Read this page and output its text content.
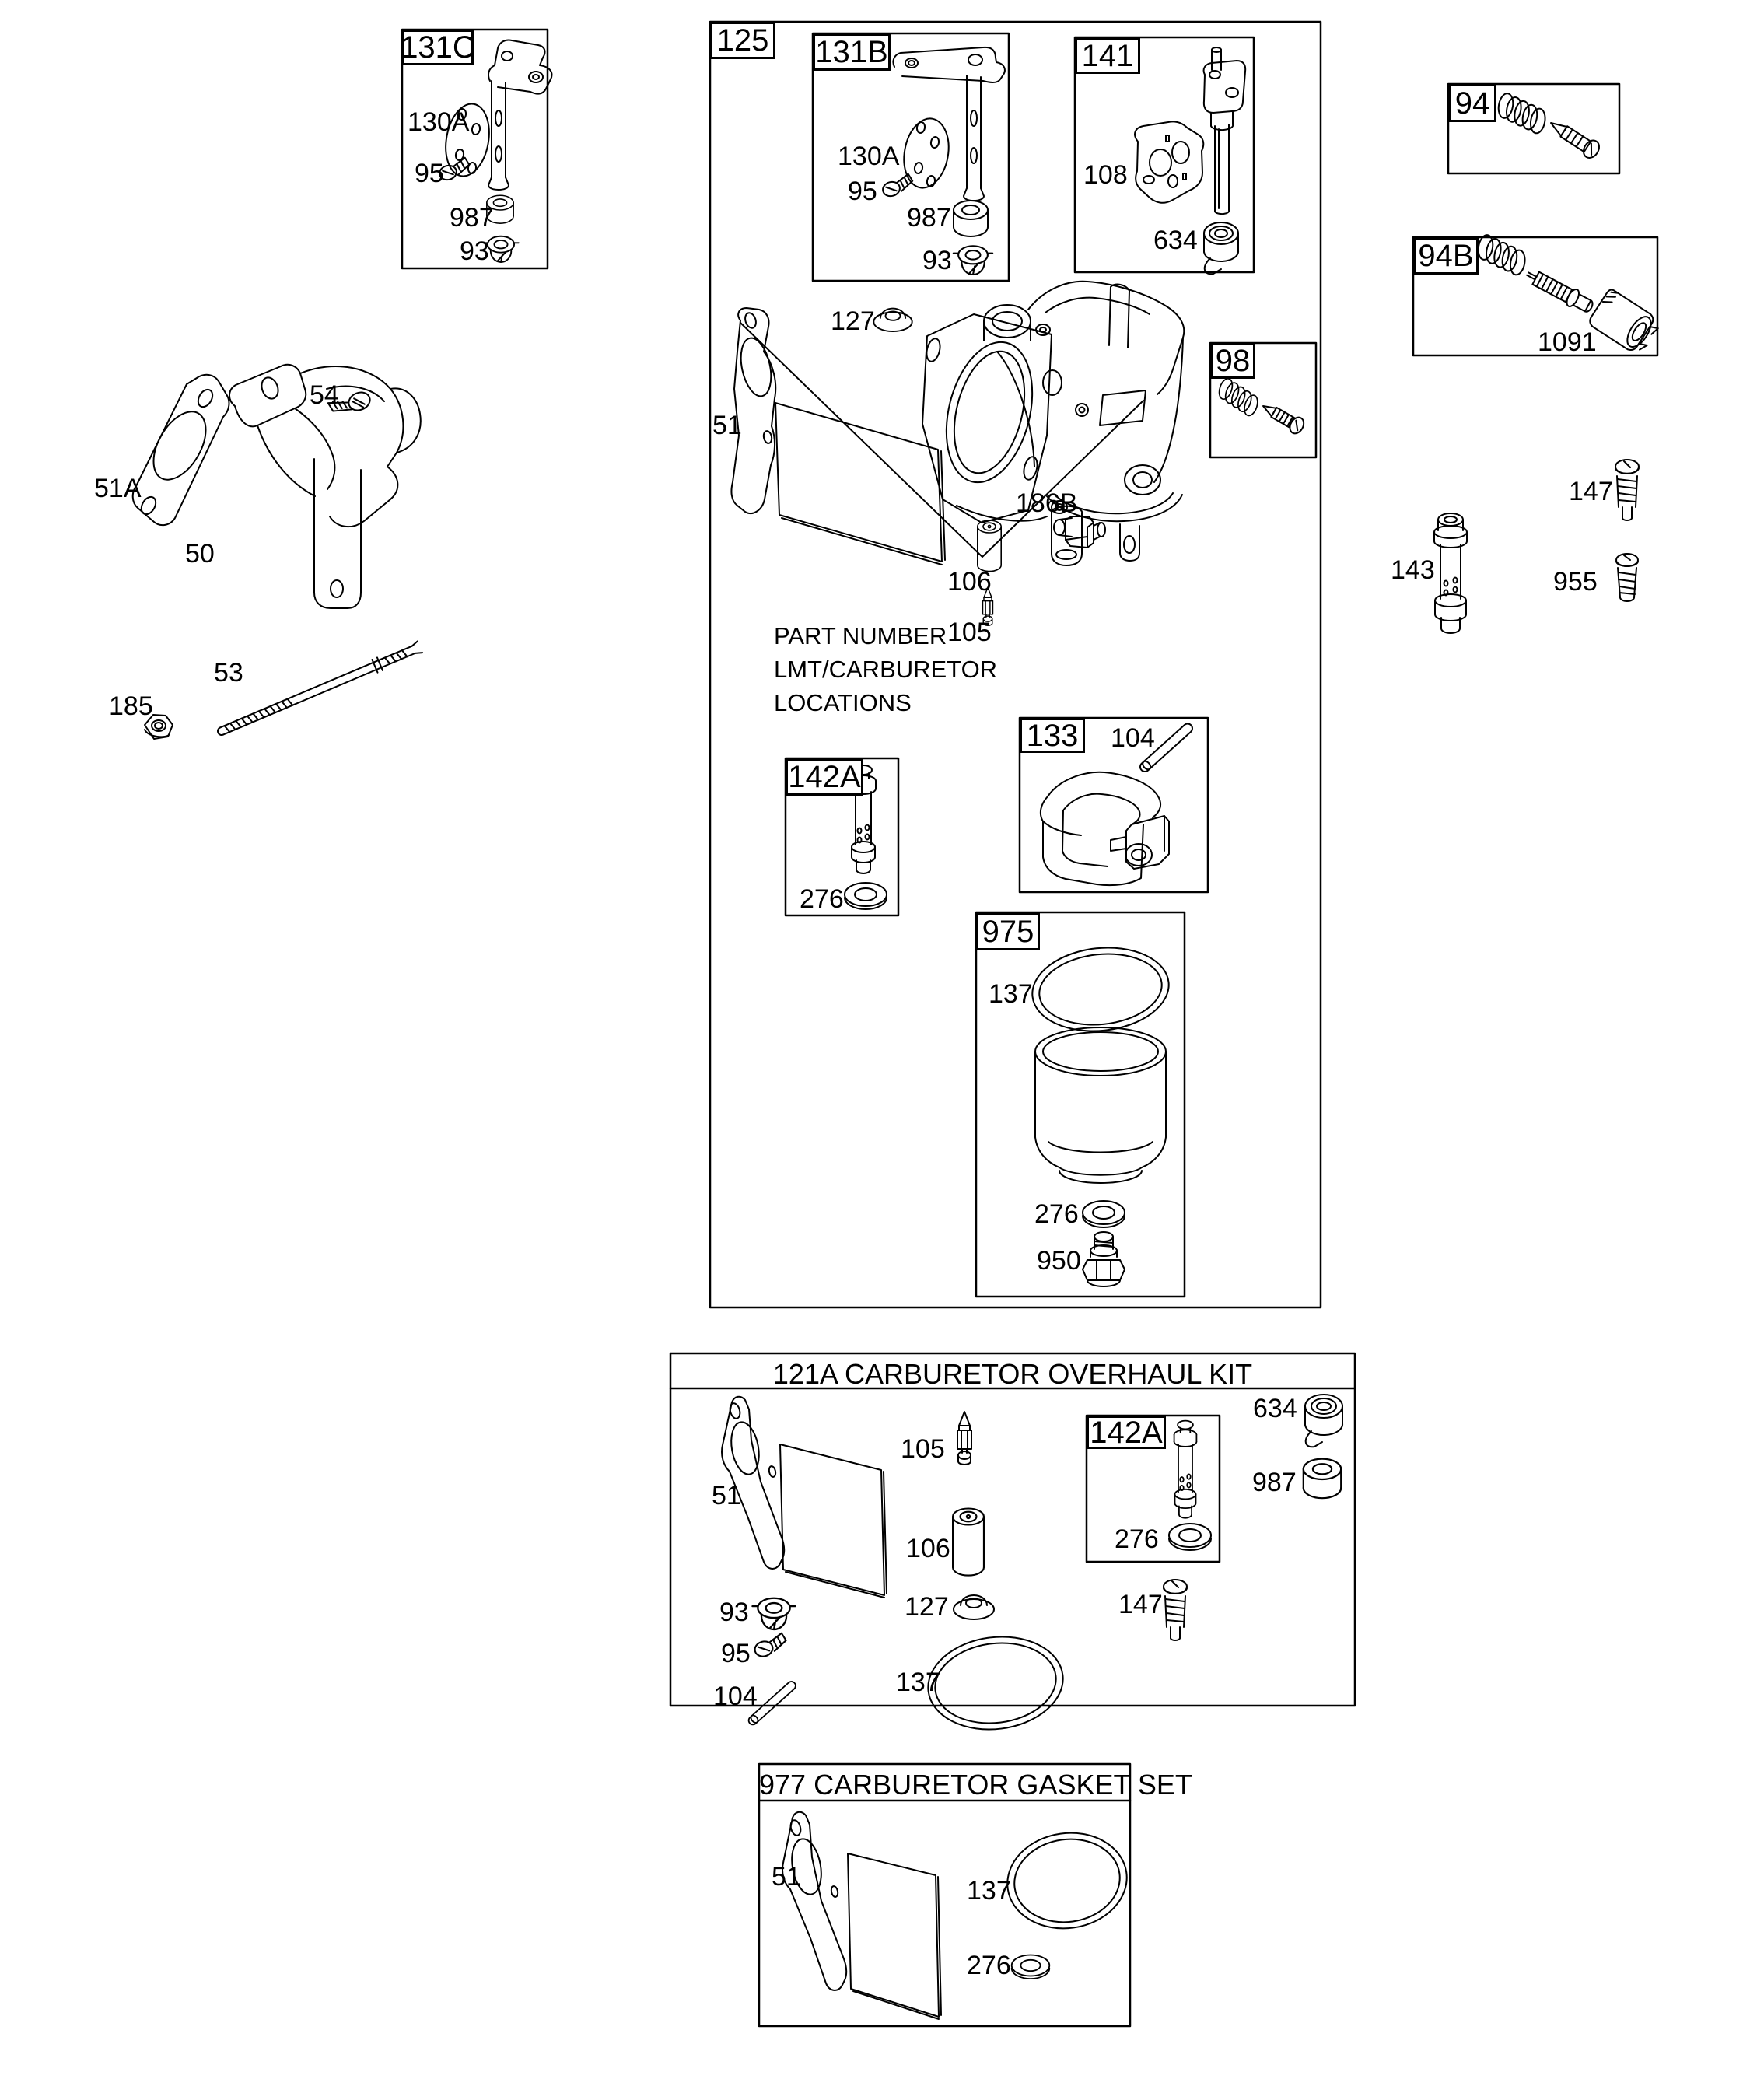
131C	125 131B	141
94
94B
98
142A
133
975
142A
121A CARBURETOR OVERHAUL KIT
977 CARBURETOR GASKET SET
PART NUMBER
LMT/CARBURETOR
LOCATIONS
130A
95
987
93
130A
95
987
93
108
634
1091
127
51
186B
106
105
104
276
137
276
950
54
51A
50
53
185
147
143	955
51
105
106
93
95
104
127
137
276
634
987
147
51	137
276
